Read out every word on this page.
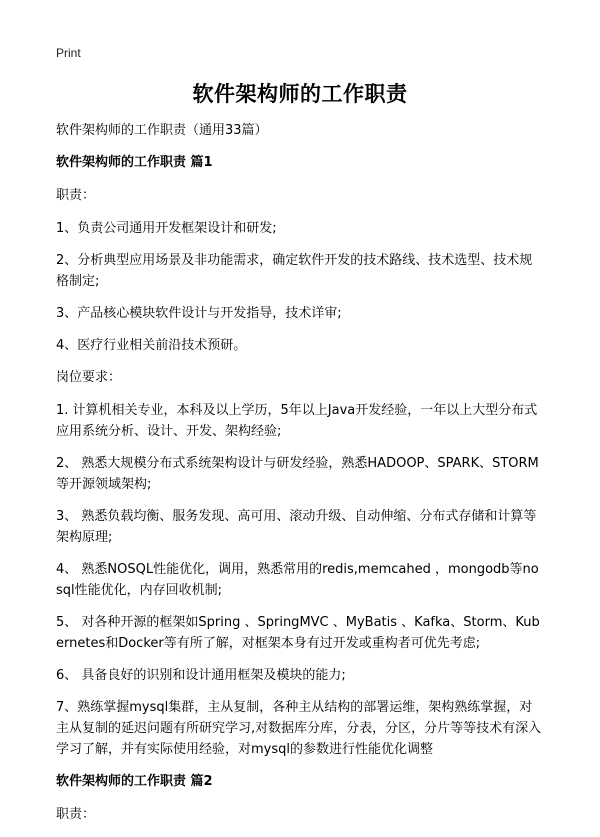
Print
软件架构师的工作职责
软件架构师的工作职责（通用33篇）
软件架构师的工作职责 篇1
职责：
1、负责公司通用开发框架设计和研发;
2、分析典型应用场景及非功能需求，确定软件开发的技术路线、技术选型、技术规格制定;
3、产品核心模块软件设计与开发指导，技术详审;
4、医疗行业相关前沿技术预研。
岗位要求：
1. 计算机相关专业，本科及以上学历，5年以上Java开发经验，一年以上大型分布式应用系统分析、设计、开发、架构经验;
2、 熟悉大规模分布式系统架构设计与研发经验，熟悉HADOOP、SPARK、STORM等开源领域架构;
3、 熟悉负载均衡、服务发现、高可用、滚动升级、自动伸缩、分布式存储和计算等架构原理;
4、 熟悉NOSQL性能优化，调用，熟悉常用的redis,memcahed ，mongodb等nosql性能优化，内存回收机制;
5、 对各种开源的框架如Spring 、SpringMVC 、MyBatis 、Kafka、Storm、Kubernetes和Docker等有所了解，对框架本身有过开发或重构者可优先考虑;
6、 具备良好的识别和设计通用框架及模块的能力;
7、熟练掌握mysql集群，主从复制，各种主从结构的部署运维，架构熟练掌握，对主从复制的延迟问题有所研究学习,对数据库分库，分表，分区，分片等等技术有深入学习了解，并有实际使用经验，对mysql的参数进行性能优化调整
软件架构师的工作职责 篇2
职责：
